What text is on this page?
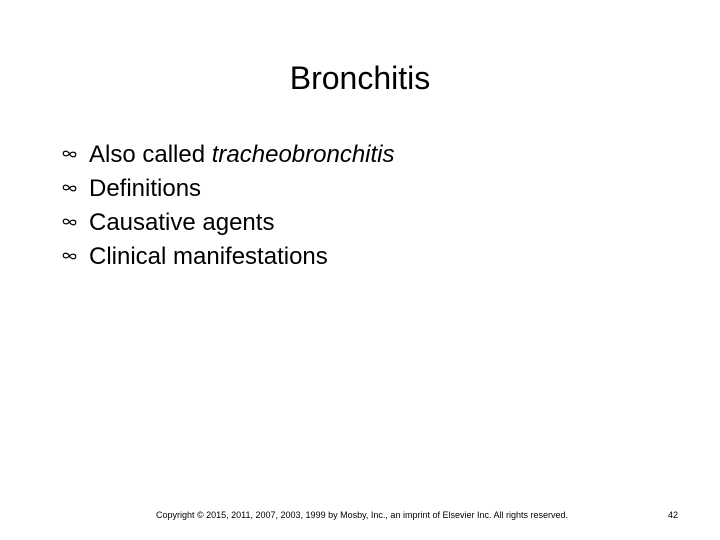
Bronchitis
Also called tracheobronchitis
Definitions
Causative agents
Clinical manifestations
Copyright © 2015, 2011, 2007, 2003, 1999 by Mosby, Inc., an imprint of Elsevier Inc. All rights reserved.	42
